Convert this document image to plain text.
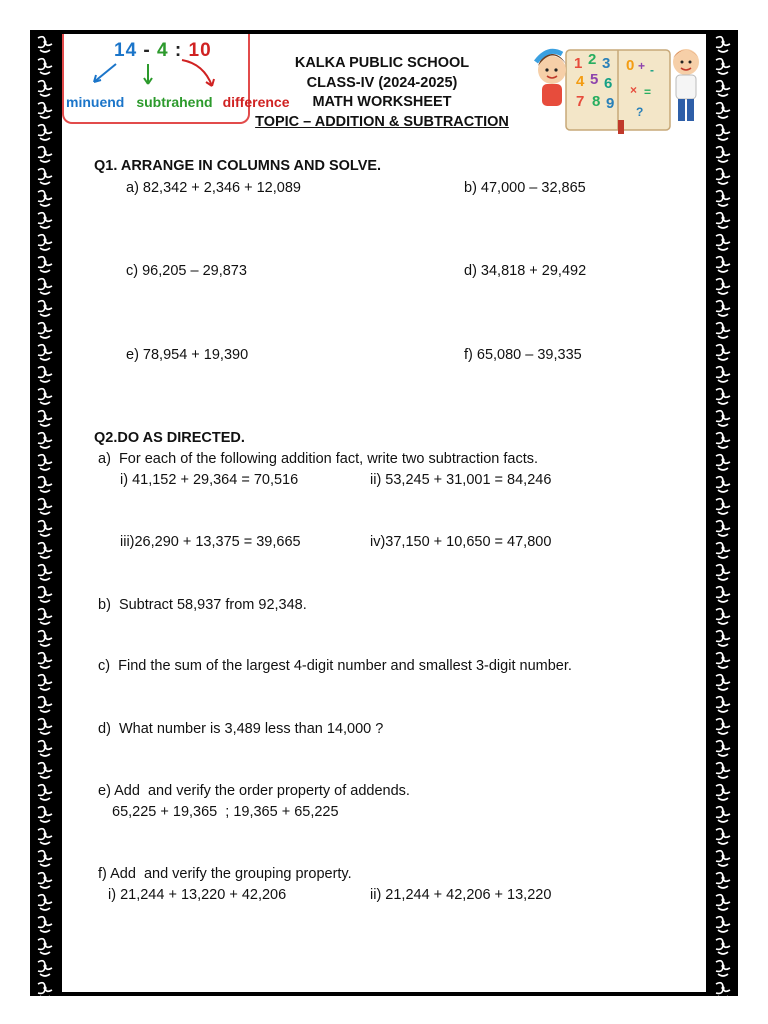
14 - 4 : 10
minuend subtrahend difference
KALKA PUBLIC SCHOOL
CLASS-IV (2024-2025)
MATH WORKSHEET
TOPIC – ADDITION & SUBTRACTION
1 2 3
4 5 6
7 8 9
0 + -
× =
?
Q1. ARRANGE IN COLUMNS AND SOLVE.
a) 82,342 + 2,346 + 12,089	b) 47,000 – 32,865
c) 96,205 – 29,873	d) 34,818 + 29,492
e) 78,954 + 19,390	f) 65,080 – 39,335
Q2.DO AS DIRECTED.
a)  For each of the following addition fact, write two subtraction facts.
i) 41,152 + 29,364 = 70,516	ii) 53,245 + 31,001 = 84,246
iii)26,290 + 13,375 = 39,665	iv)37,150 + 10,650 = 47,800
b)  Subtract 58,937 from 92,348.
c)  Find the sum of the largest 4-digit number and smallest 3-digit number.
d)  What number is 3,489 less than 14,000 ?
e) Add  and verify the order property of addends.
65,225 + 19,365  ; 19,365 + 65,225
f) Add  and verify the grouping property.
i) 21,244 + 13,220 + 42,206	ii) 21,244 + 42,206 + 13,220
